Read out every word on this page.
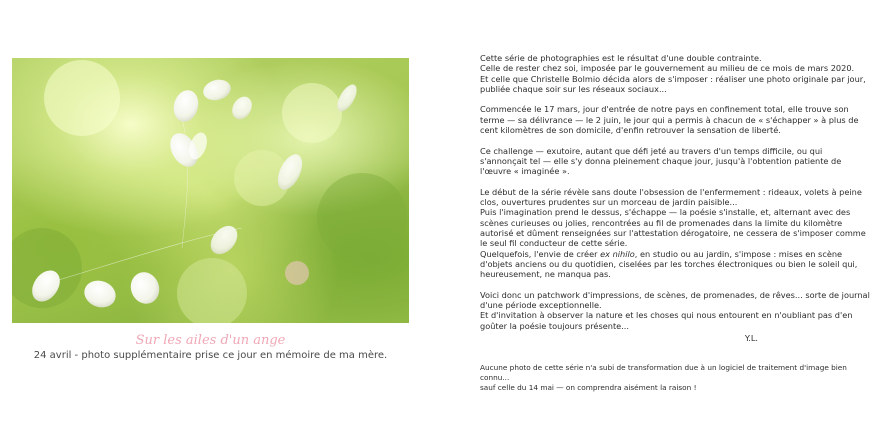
Sur les ailes d'un ange
24 avril - photo supplémentaire prise ce jour en mémoire de ma mère.

Cette série de photographies est le résultat d'une double contrainte.
Celle de rester chez soi, imposée par le gouvernement au milieu de ce mois de mars 2020.
Et celle que Christelle Bolmio décida alors de s'imposer : réaliser une photo originale par jour, publiée chaque soir sur les réseaux sociaux...

Commencée le 17 mars, jour d'entrée de notre pays en confinement total, elle trouve son terme — sa délivrance — le 2 juin, le jour qui a permis à chacun de « s'échapper » à plus de cent kilomètres de son domicile, d'enfin retrouver la sensation de liberté.

Ce challenge — exutoire, autant que défi jeté au travers d'un temps difficile, ou qui s'annonçait tel — elle s'y donna pleinement chaque jour, jusqu'à l'obtention patiente de l'œuvre « imaginée ».

Le début de la série révèle sans doute l'obsession de l'enfermement : rideaux, volets à peine clos, ouvertures prudentes sur un morceau de jardin paisible...
Puis l'imagination prend le dessus, s'échappe — la poésie s'installe, et, alternant avec des scènes curieuses ou jolies, rencontrées au fil de promenades dans la limite du kilomètre autorisé et dûment renseignées sur l'attestation dérogatoire, ne cessera de s'imposer comme le seul fil conducteur de cette série.
Quelquefois, l'envie de créer ex nihilo, en studio ou au jardin, s'impose : mises en scène d'objets anciens ou du quotidien, ciselées par les torches électroniques ou bien le soleil qui, heureusement, ne manqua pas.

Voici donc un patchwork d'impressions, de scènes, de promenades, de rêves... sorte de journal d'une période exceptionnelle.
Et d'invitation à observer la nature et les choses qui nous entourent en n'oubliant pas d'en goûter la poésie toujours présente...

Y.L.

Aucune photo de cette série n'a subi de transformation due à un logiciel de traitement d'image bien connu...

sauf celle du 14 mai — on comprendra aisément la raison !
